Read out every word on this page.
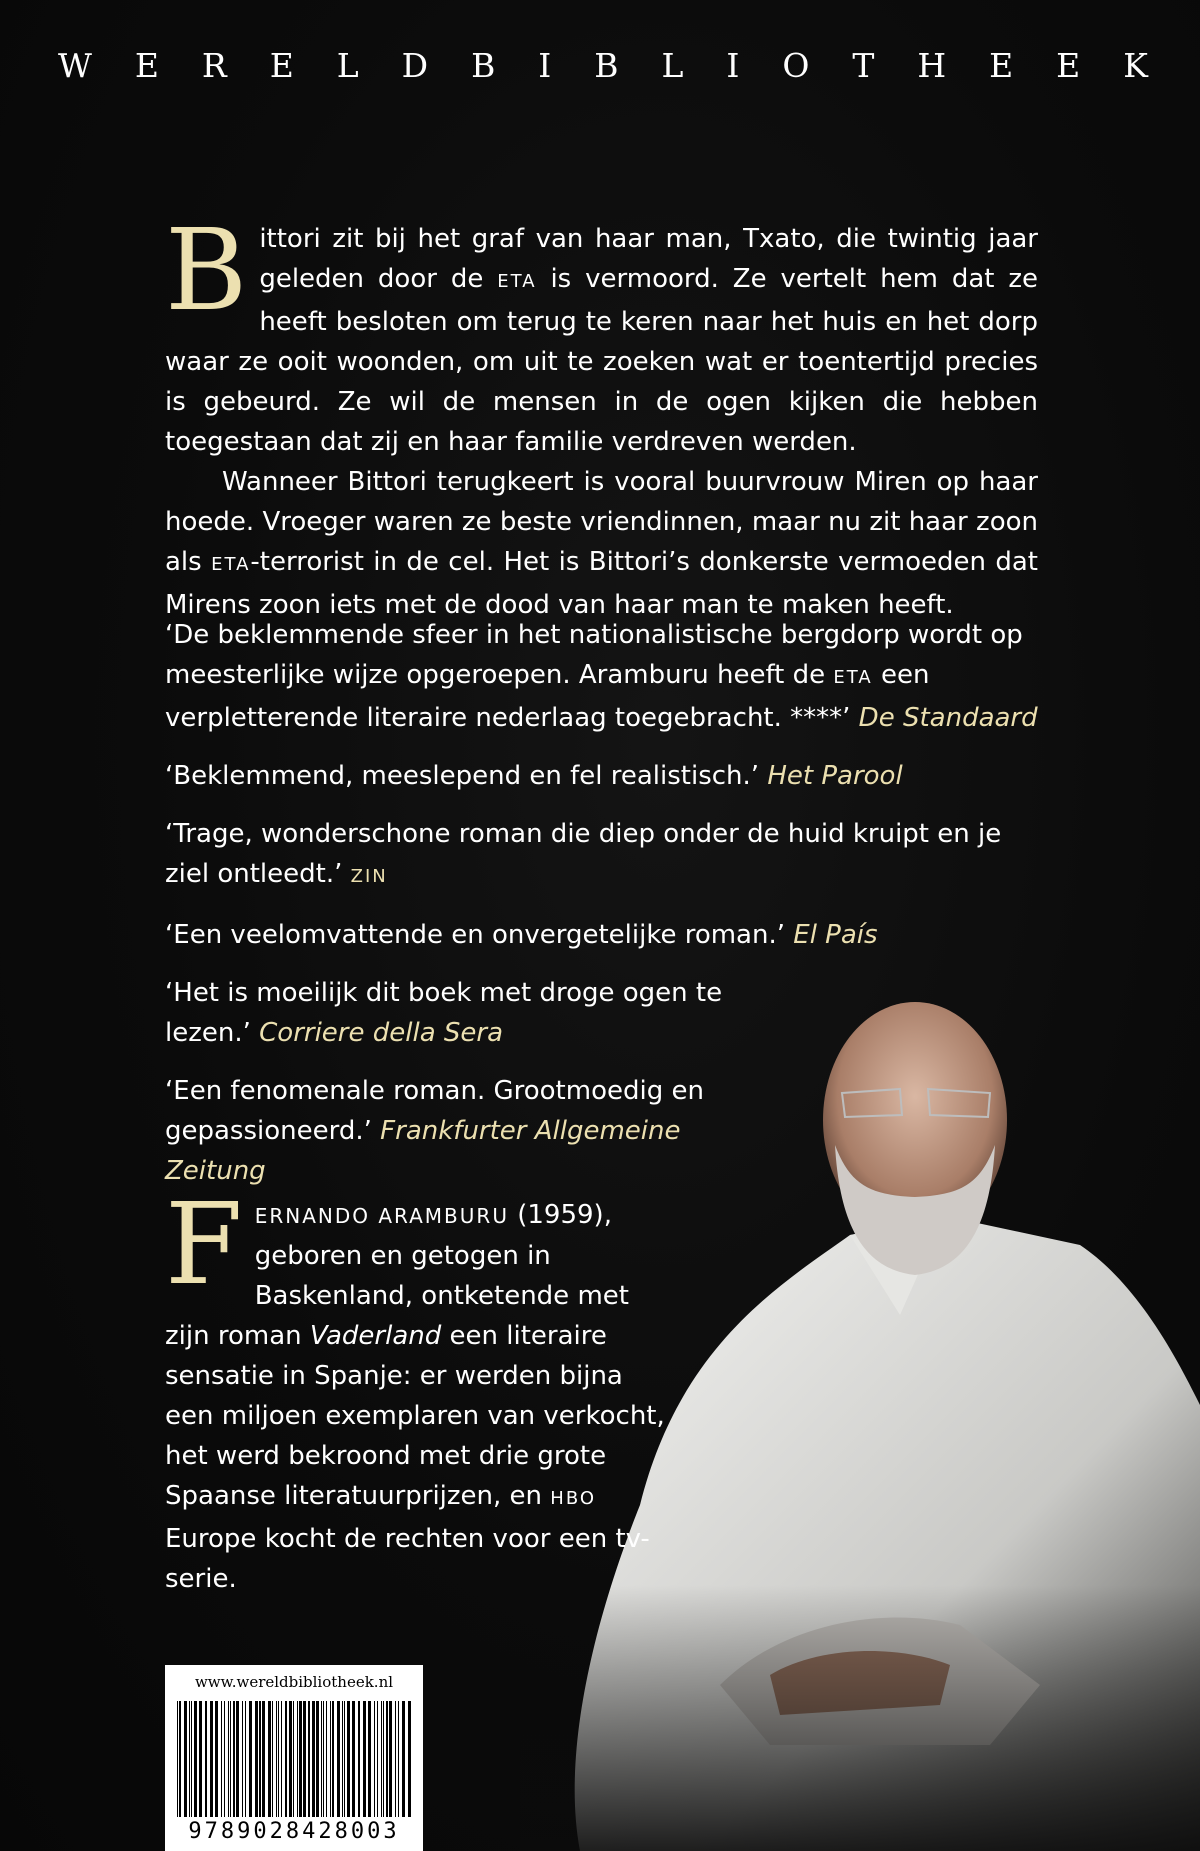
W E R E L D B I B L I O T H E E K

Bittori zit bij het graf van haar man, Txato, die twintig jaar geleden door de ETA is vermoord. Ze vertelt hem dat ze heeft besloten om terug te keren naar het huis en het dorp waar ze ooit woonden, om uit te zoeken wat er toentertijd precies is gebeurd. Ze wil de mensen in de ogen kijken die hebben toegestaan dat zij en haar familie verdreven werden.

Wanneer Bittori terugkeert is vooral buurvrouw Miren op haar hoede. Vroeger waren ze beste vriendinnen, maar nu zit haar zoon als ETA-terrorist in de cel. Het is Bittori’s donkerste vermoeden dat Mirens zoon iets met de dood van haar man te maken heeft.

‘De beklemmende sfeer in het nationalistische bergdorp wordt op meesterlijke wijze opgeroepen. Aramburu heeft de ETA een verpletterende literaire nederlaag toegebracht. ****’ De Standaard

‘Beklemmend, meeslepend en fel realistisch.’ Het Parool

‘Trage, wonderschone roman die diep onder de huid kruipt en je ziel ontleedt.’ ZIN

‘Een veelomvattende en onvergetelijke roman.’ El País

‘Het is moeilijk dit boek met droge ogen te lezen.’ Corriere della Sera

‘Een fenomenale roman. Grootmoedig en gepassioneerd.’ Frankfurter Allgemeine Zeitung

FERNANDO ARAMBURU (1959), geboren en getogen in Baskenland, ontketende met zijn roman Vaderland een literaire sensatie in Spanje: er werden bijna een miljoen exemplaren van verkocht, het werd bekroond met drie grote Spaanse literatuurprijzen, en HBO Europe kocht de rechten voor een tv-serie.
www.wereldbibliotheek.nl
9789028428003
